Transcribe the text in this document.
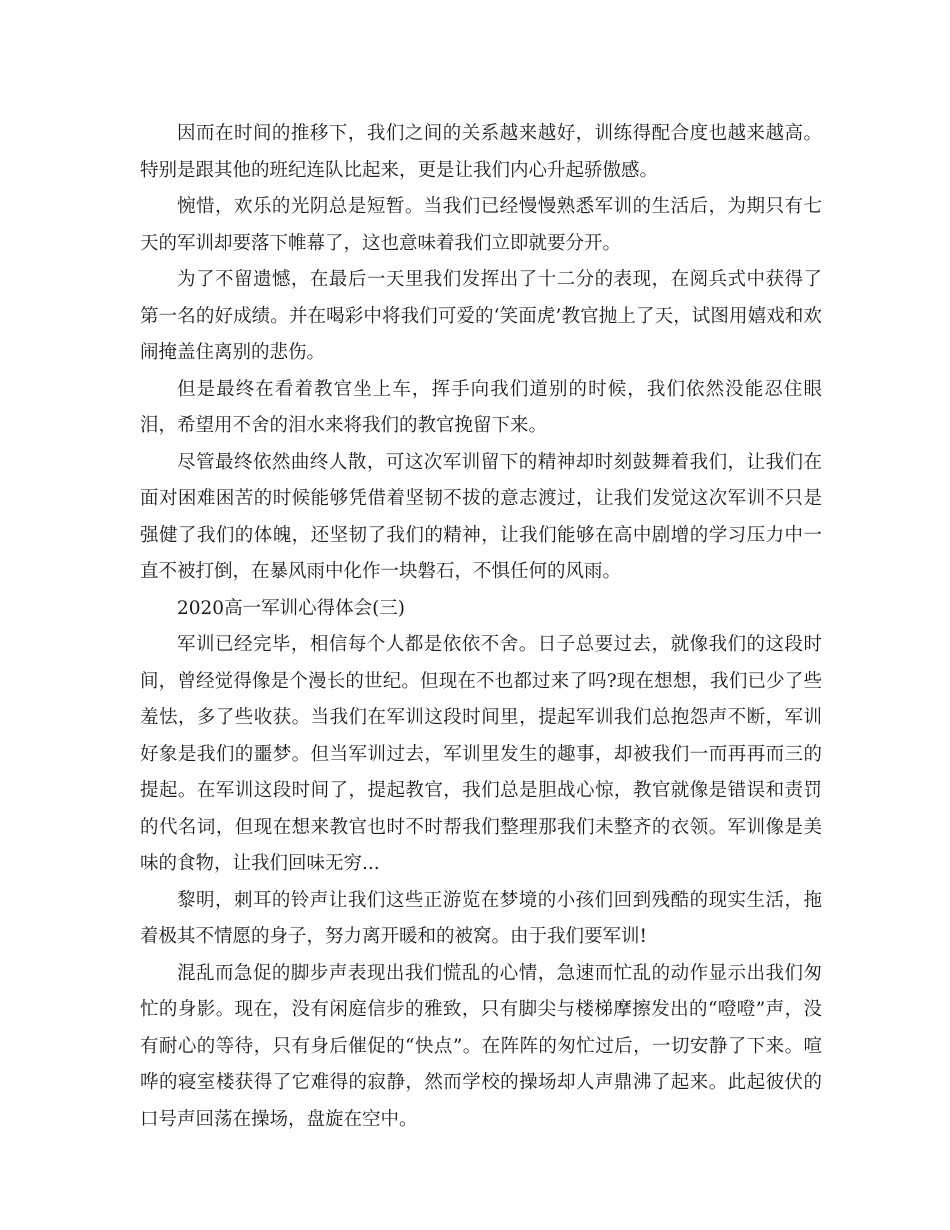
因而在时间的推移下，我们之间的关系越来越好，训练得配合度也越来越高。特别是跟其他的班纪连队比起来，更是让我们内心升起骄傲感。

惋惜，欢乐的光阴总是短暂。当我们已经慢慢熟悉军训的生活后，为期只有七天的军训却要落下帷幕了，这也意味着我们立即就要分开。

为了不留遗憾，在最后一天里我们发挥出了十二分的表现，在阅兵式中获得了第一名的好成绩。并在喝彩中将我们可爱的‘笑面虎’教官抛上了天，试图用嬉戏和欢闹掩盖住离别的悲伤。

但是最终在看着教官坐上车，挥手向我们道别的时候，我们依然没能忍住眼泪，希望用不舍的泪水来将我们的教官挽留下来。

尽管最终依然曲终人散，可这次军训留下的精神却时刻鼓舞着我们，让我们在面对困难困苦的时候能够凭借着坚韧不拔的意志渡过，让我们发觉这次军训不只是强健了我们的体魄，还坚韧了我们的精神，让我们能够在高中剧增的学习压力中一直不被打倒，在暴风雨中化作一块磐石，不惧任何的风雨。

2020高一军训心得体会(三)

军训已经完毕，相信每个人都是依依不舍。日子总要过去，就像我们的这段时间，曾经觉得像是个漫长的世纪。但现在不也都过来了吗?现在想想，我们已少了些羞怯，多了些收获。当我们在军训这段时间里，提起军训我们总抱怨声不断，军训好象是我们的噩梦。但当军训过去，军训里发生的趣事，却被我们一而再再而三的提起。在军训这段时间了，提起教官，我们总是胆战心惊，教官就像是错误和责罚的代名词，但现在想来教官也时不时帮我们整理那我们未整齐的衣领。军训像是美味的食物，让我们回味无穷...

黎明，刺耳的铃声让我们这些正游览在梦境的小孩们回到残酷的现实生活，拖着极其不情愿的身子，努力离开暖和的被窝。由于我们要军训!

混乱而急促的脚步声表现出我们慌乱的心情，急速而忙乱的动作显示出我们匆忙的身影。现在，没有闲庭信步的雅致，只有脚尖与楼梯摩擦发出的“噔噔”声，没有耐心的等待，只有身后催促的“快点”。在阵阵的匆忙过后，一切安静了下来。喧哗的寝室楼获得了它难得的寂静，然而学校的操场却人声鼎沸了起来。此起彼伏的口号声回荡在操场，盘旋在空中。
